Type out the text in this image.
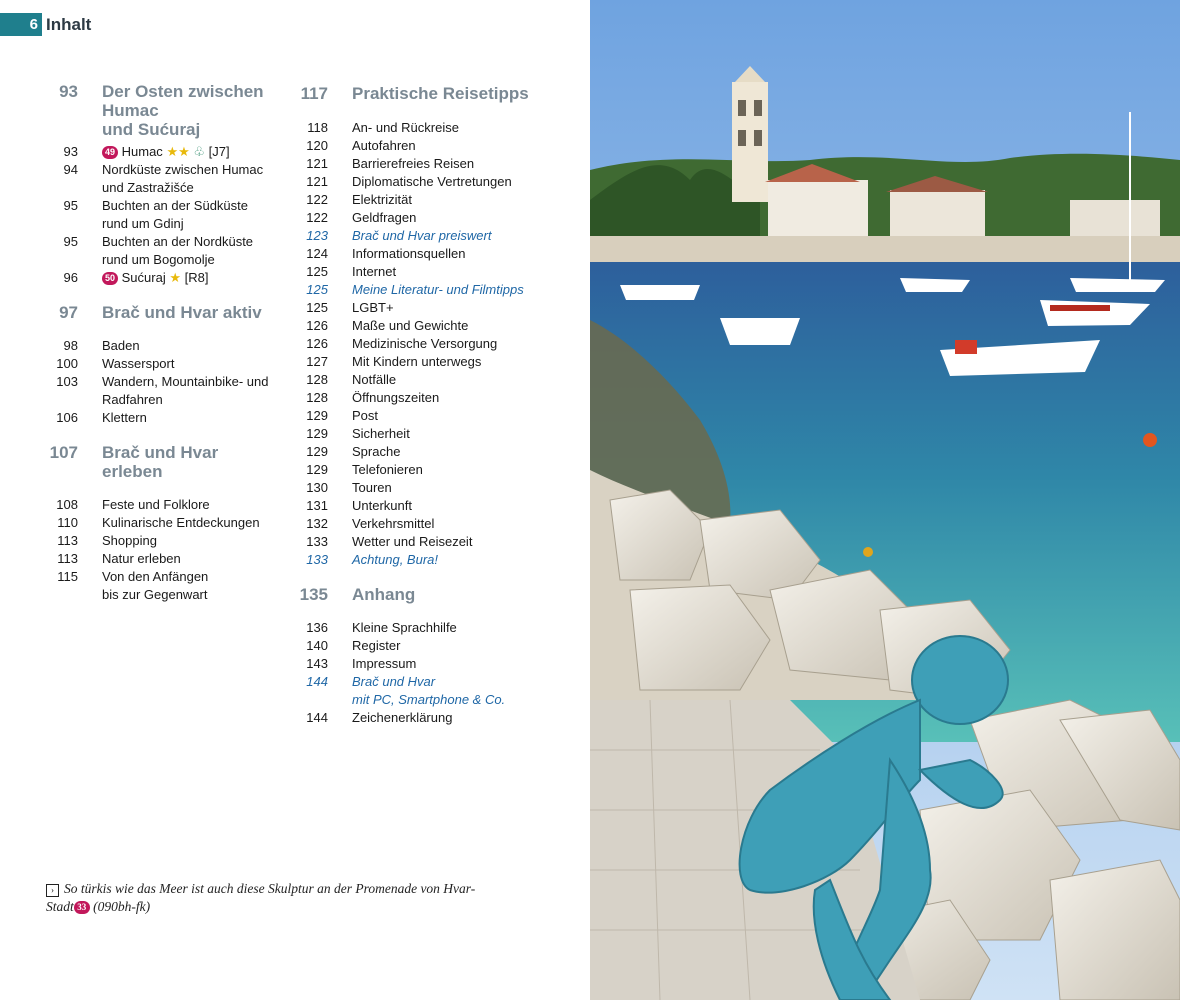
6 Inhalt
93 Der Osten zwischen Humac
und Sućuraj
93	49 Humac ★★ ♧ [J7]
94 Nordküste zwischen Humac
und Zastražišće
95 Buchten an der Südküste
rund um Gdinj
95 Buchten an der Nordküste
rund um Bogomolje
96	50 Sućuraj ★ [R8]
97 Brač und Hvar aktiv
98 Baden
100 Wassersport
103 Wandern, Mountainbike- und
Radfahren
106 Klettern
107 Brač und Hvar erleben
108 Feste und Folklore
110 Kulinarische Entdeckungen
113 Shopping
113 Natur erleben
115 Von den Anfängen
bis zur Gegenwart
117 Praktische Reisetipps
118 An- und Rückreise
120 Autofahren
121 Barrierefreies Reisen
121 Diplomatische Vertretungen
122 Elektrizität
122 Geldfragen
123 Brač und Hvar preiswert
124 Informationsquellen
125 Internet
125 Meine Literatur- und Filmtipps
125 LGBT+
126 Maße und Gewichte
126 Medizinische Versorgung
127 Mit Kindern unterwegs
128 Notfälle
128 Öffnungszeiten
129 Post
129 Sicherheit
129 Sprache
129 Telefonieren
130 Touren
131 Unterkunft
132 Verkehrsmittel
133 Wetter und Reisezeit
133 Achtung, Bura!
135 Anhang
136 Kleine Sprachhilfe
140 Register
143 Impressum
144 Brač und Hvar
mit PC, Smartphone & Co.
144 Zeichenerklärung
› So türkis wie das Meer ist auch diese Skulptur an der Promenade von Hvar-Stadt 33 (090bh-fk)
